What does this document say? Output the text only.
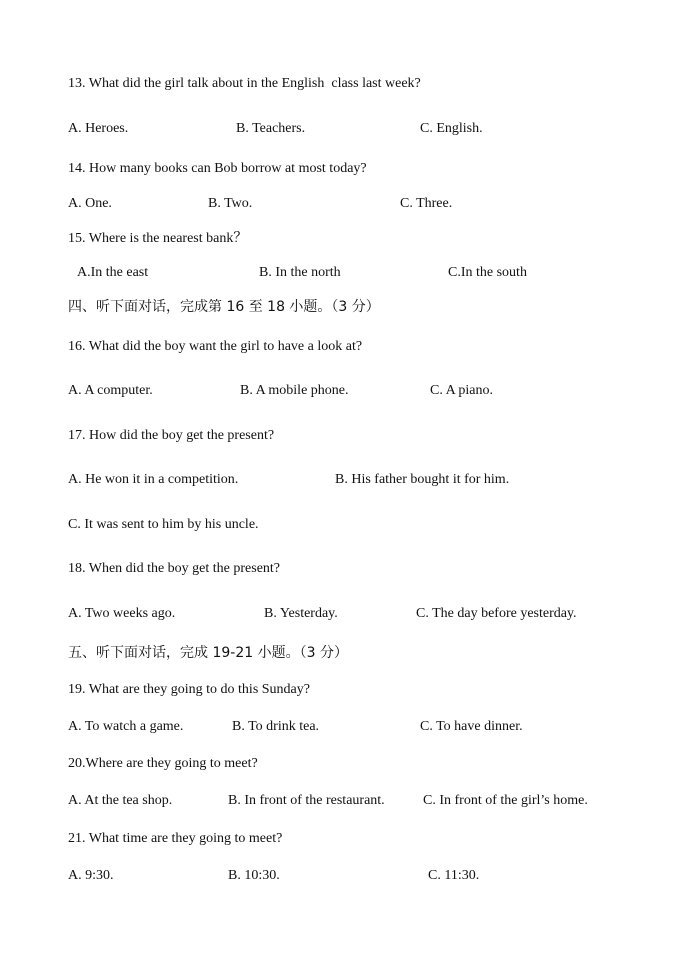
13. What did the girl talk about in the English  class last week?
A. Heroes.	B. Teachers.	C. English.
14. How many books can Bob borrow at most today?
A. One.	B. Two.	C. Three.
15. Where is the nearest bank？
A.In the east	B. In the north	C.In the south
四、听下面对话，完成第 16 至 18 小题。（3 分）
16. What did the boy want the girl to have a look at?
A. A computer.	B. A mobile phone.	C. A piano.
17. How did the boy get the present?
A. He won it in a competition.	B. His father bought it for him.
C. It was sent to him by his uncle.
18. When did the boy get the present?
A. Two weeks ago.	B. Yesterday.	C. The day before yesterday.
五、听下面对话，完成 19-21 小题。（3 分）
19. What are they going to do this Sunday?
A. To watch a game.	B. To drink tea.	C. To have dinner.
20.Where are they going to meet?
A. At the tea shop.	B. In front of the restaurant.	C. In front of the girl’s home.
21. What time are they going to meet?
A. 9:30.	B. 10:30.	C. 11:30.
